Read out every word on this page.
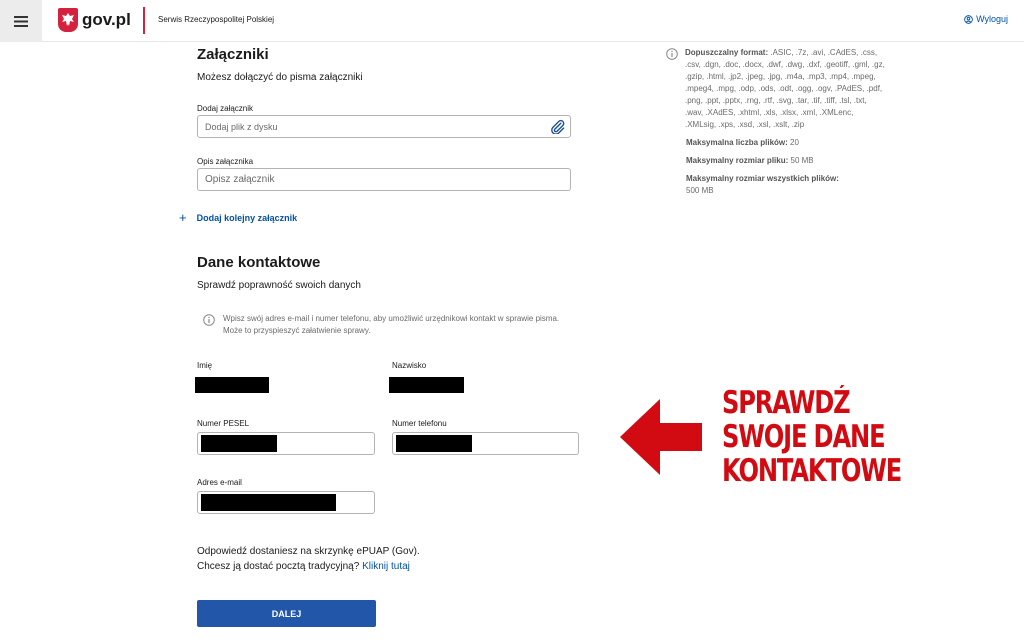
gov.pl	Serwis Rzeczypospolitej Polskiej	Wyloguj
Załączniki
Możesz dołączyć do pisma załączniki
Dodaj załącznik
Dodaj plik z dysku
Opis załącznika
Opisz załącznik
+ Dodaj kolejny załącznik
Dane kontaktowe
Sprawdź poprawność swoich danych
Wpisz swój adres e-mail i numer telefonu, aby umożliwić urzędnikowi kontakt w sprawie pisma. Może to przyspieszyć załatwienie sprawy.
Imię	Nazwisko
Numer PESEL	Numer telefonu
Adres e-mail
Odpowiedź dostaniesz na skrzynkę ePUAP (Gov).
Chcesz ją dostać pocztą tradycyjną? Kliknij tutaj
DALEJ
Dopuszczalny format: .ASIC, .7z, .avi, .CAdES, .css, .csv, .dgn, .doc, .docx, .dwf, .dwg, .dxf, .geotiff, .gml, .gz, .gzip, .html, .jp2, .jpeg, .jpg, .m4a, .mp3, .mp4, .mpeg, .mpeg4, .mpg, .odp, .ods, .odt, .ogg, .ogv, .PAdES, .pdf, .png, .ppt, .pptx, .rng, .rtf, .svg, .tar, .tif, .tiff, .tsl, .txt, .wav, .XAdES, .xhtml, .xls, .xlsx, .xml, .XMLenc, .XMLsig, .xps, .xsd, .xsl, .xslt, .zip
Maksymalna liczba plików: 20
Maksymalny rozmiar pliku: 50 MB
Maksymalny rozmiar wszystkich plików:
500 MB
SPRAWDŹ
SWOJE DANE
KONTAKTOWE
